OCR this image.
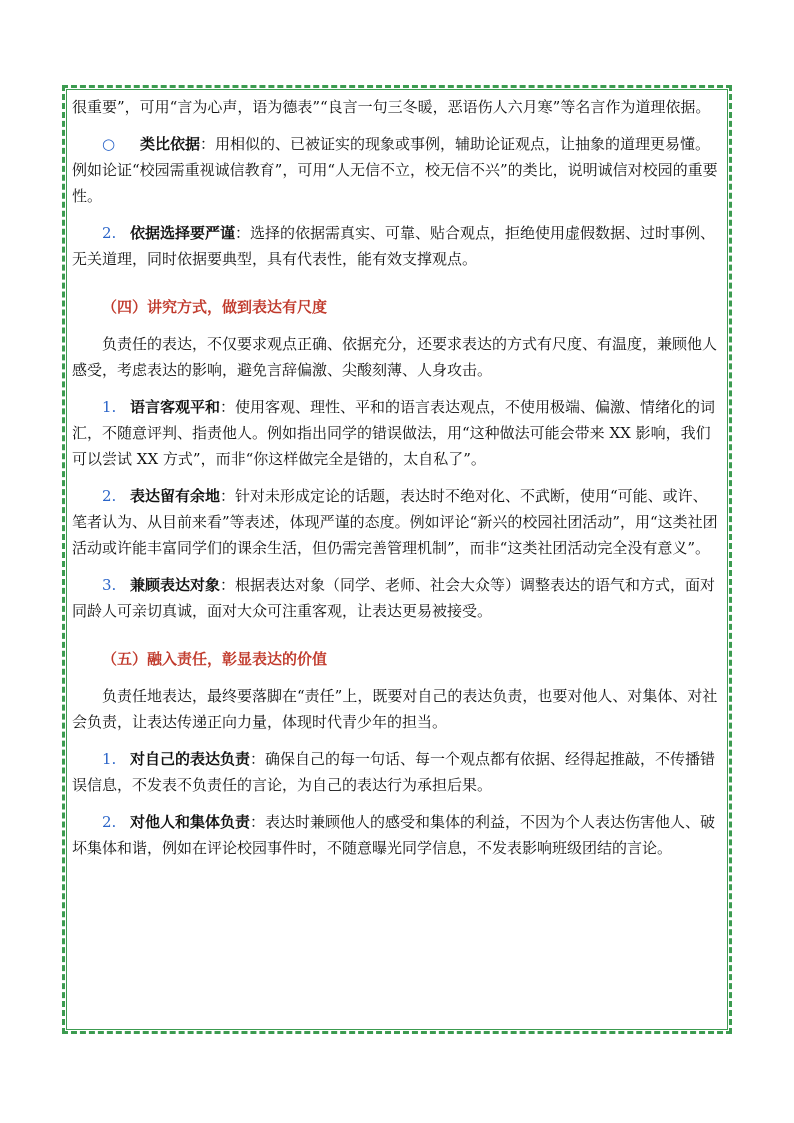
很重要”，可用“言为心声，语为德表”“良言一句三冬暖，恶语伤人六月寒”等名言作为道理依据。

○ 类比依据：用相似的、已被证实的现象或事例，辅助论证观点，让抽象的道理更易懂。例如论证“校园需重视诚信教育”，可用“人无信不立，校无信不兴”的类比，说明诚信对校园的重要性。

2. 依据选择要严谨：选择的依据需真实、可靠、贴合观点，拒绝使用虚假数据、过时事例、无关道理，同时依据要典型，具有代表性，能有效支撑观点。

（四）讲究方式，做到表达有尺度

负责任的表达，不仅要求观点正确、依据充分，还要求表达的方式有尺度、有温度，兼顾他人感受，考虑表达的影响，避免言辞偏激、尖酸刻薄、人身攻击。

1. 语言客观平和：使用客观、理性、平和的语言表达观点，不使用极端、偏激、情绪化的词汇，不随意评判、指责他人。例如指出同学的错误做法，用“这种做法可能会带来 XX 影响，我们可以尝试 XX 方式”，而非“你这样做完全是错的，太自私了”。

2. 表达留有余地：针对未形成定论的话题，表达时不绝对化、不武断，使用“可能、或许、笔者认为、从目前来看”等表述，体现严谨的态度。例如评论“新兴的校园社团活动”，用“这类社团活动或许能丰富同学们的课余生活，但仍需完善管理机制”，而非“这类社团活动完全没有意义”。

3. 兼顾表达对象：根据表达对象（同学、老师、社会大众等）调整表达的语气和方式，面对同龄人可亲切真诚，面对大众可注重客观，让表达更易被接受。

（五）融入责任，彰显表达的价值

负责任地表达，最终要落脚在“责任”上，既要对自己的表达负责，也要对他人、对集体、对社会负责，让表达传递正向力量，体现时代青少年的担当。

1. 对自己的表达负责：确保自己的每一句话、每一个观点都有依据、经得起推敲，不传播错误信息，不发表不负责任的言论，为自己的表达行为承担后果。

2. 对他人和集体负责：表达时兼顾他人的感受和集体的利益，不因为个人表达伤害他人、破坏集体和谐，例如在评论校园事件时，不随意曝光同学信息，不发表影响班级团结的言论。
